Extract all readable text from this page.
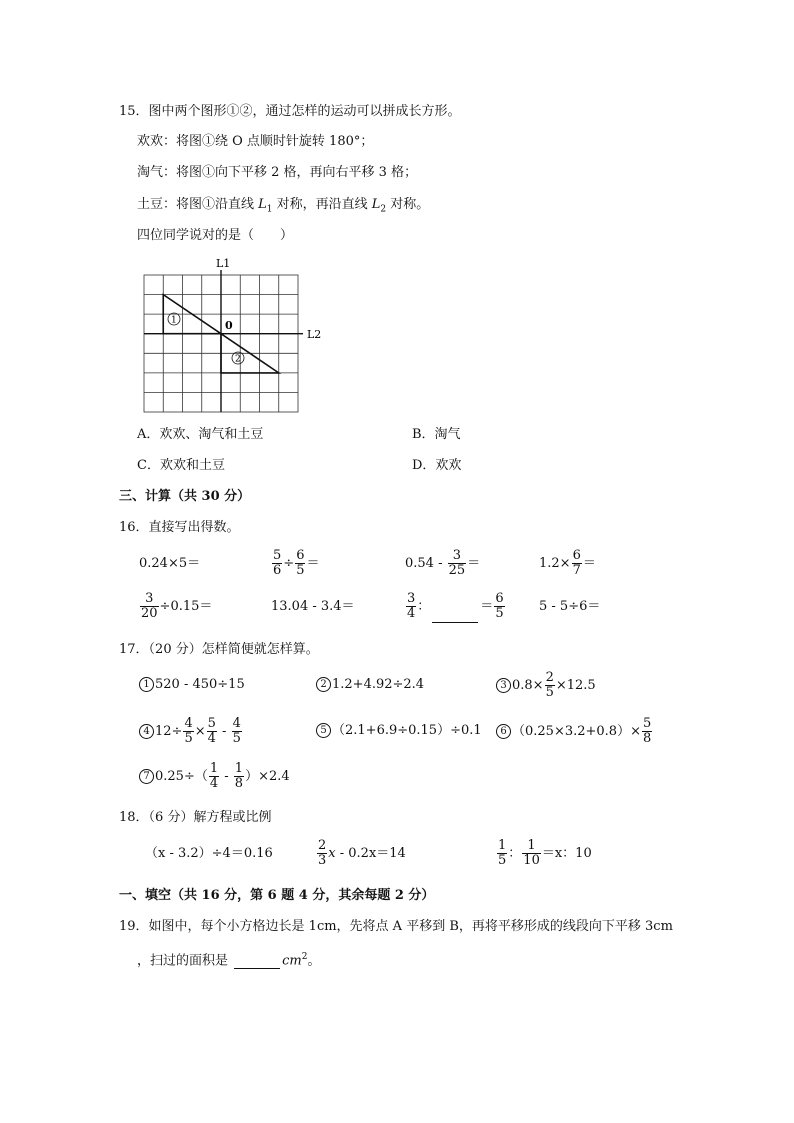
15．图中两个图形①②，通过怎样的运动可以拼成长方形。
欢欢：将图①绕 O 点顺时针旋转 180°；
淘气：将图①向下平移 2 格，再向右平移 3 格；
土豆：将图①沿直线 $L_1$ 对称，再沿直线 $L_2$ 对称。
四位同学说对的是（　　）
L1
L2
0
1
2
A．欢欢、淘气和土豆	B．淘气
C．欢欢和土豆	D．欢欢
三、计算（共 30 分）
16．直接写出得数。
0.24×5＝	$\frac{5}{6} \div \frac{6}{5}$ ＝	$0.54 - \frac{3}{25}$ ＝	$1.2\times \frac{6}{7}$ ＝
$\frac{3}{20} \div 0.15=$	13.04 - 3.4＝	$\frac{3}{4}$ ：	＝ $\frac{6}{5}$	5 - 5÷6＝
17．（20 分）怎样简便就怎样算。
1 520 - 450÷15	2 1.2+4.92÷2.4	3 $0.8\times \frac{2}{5} \times 12.5$
4 $12\div \frac{4}{5} \times \frac{5}{4} - \frac{4}{5}$	5 （2.1+6.9÷0.15）÷0.1	6 $(0.25\times 3.2+0.8)\times \frac{5}{8}$
7 $0.25\div( \frac{1}{4} - \frac{1}{8} )\times 2.4$
18．（6 分）解方程或比例
（x - 3.2）÷4＝0.16	$\frac{2}{3}$ x - 0.2x＝14	$\frac{1}{5}$ ： $\frac{1}{10} =x$：10
一、填空（共 16 分，第 6 题 4 分，其余每题 2 分）
19．如图中，每个小方格边长是 1cm，先将点 A 平移到 B，再将平移形成的线段向下平移 3cm
，扫过的面积是	$cm^2$。
